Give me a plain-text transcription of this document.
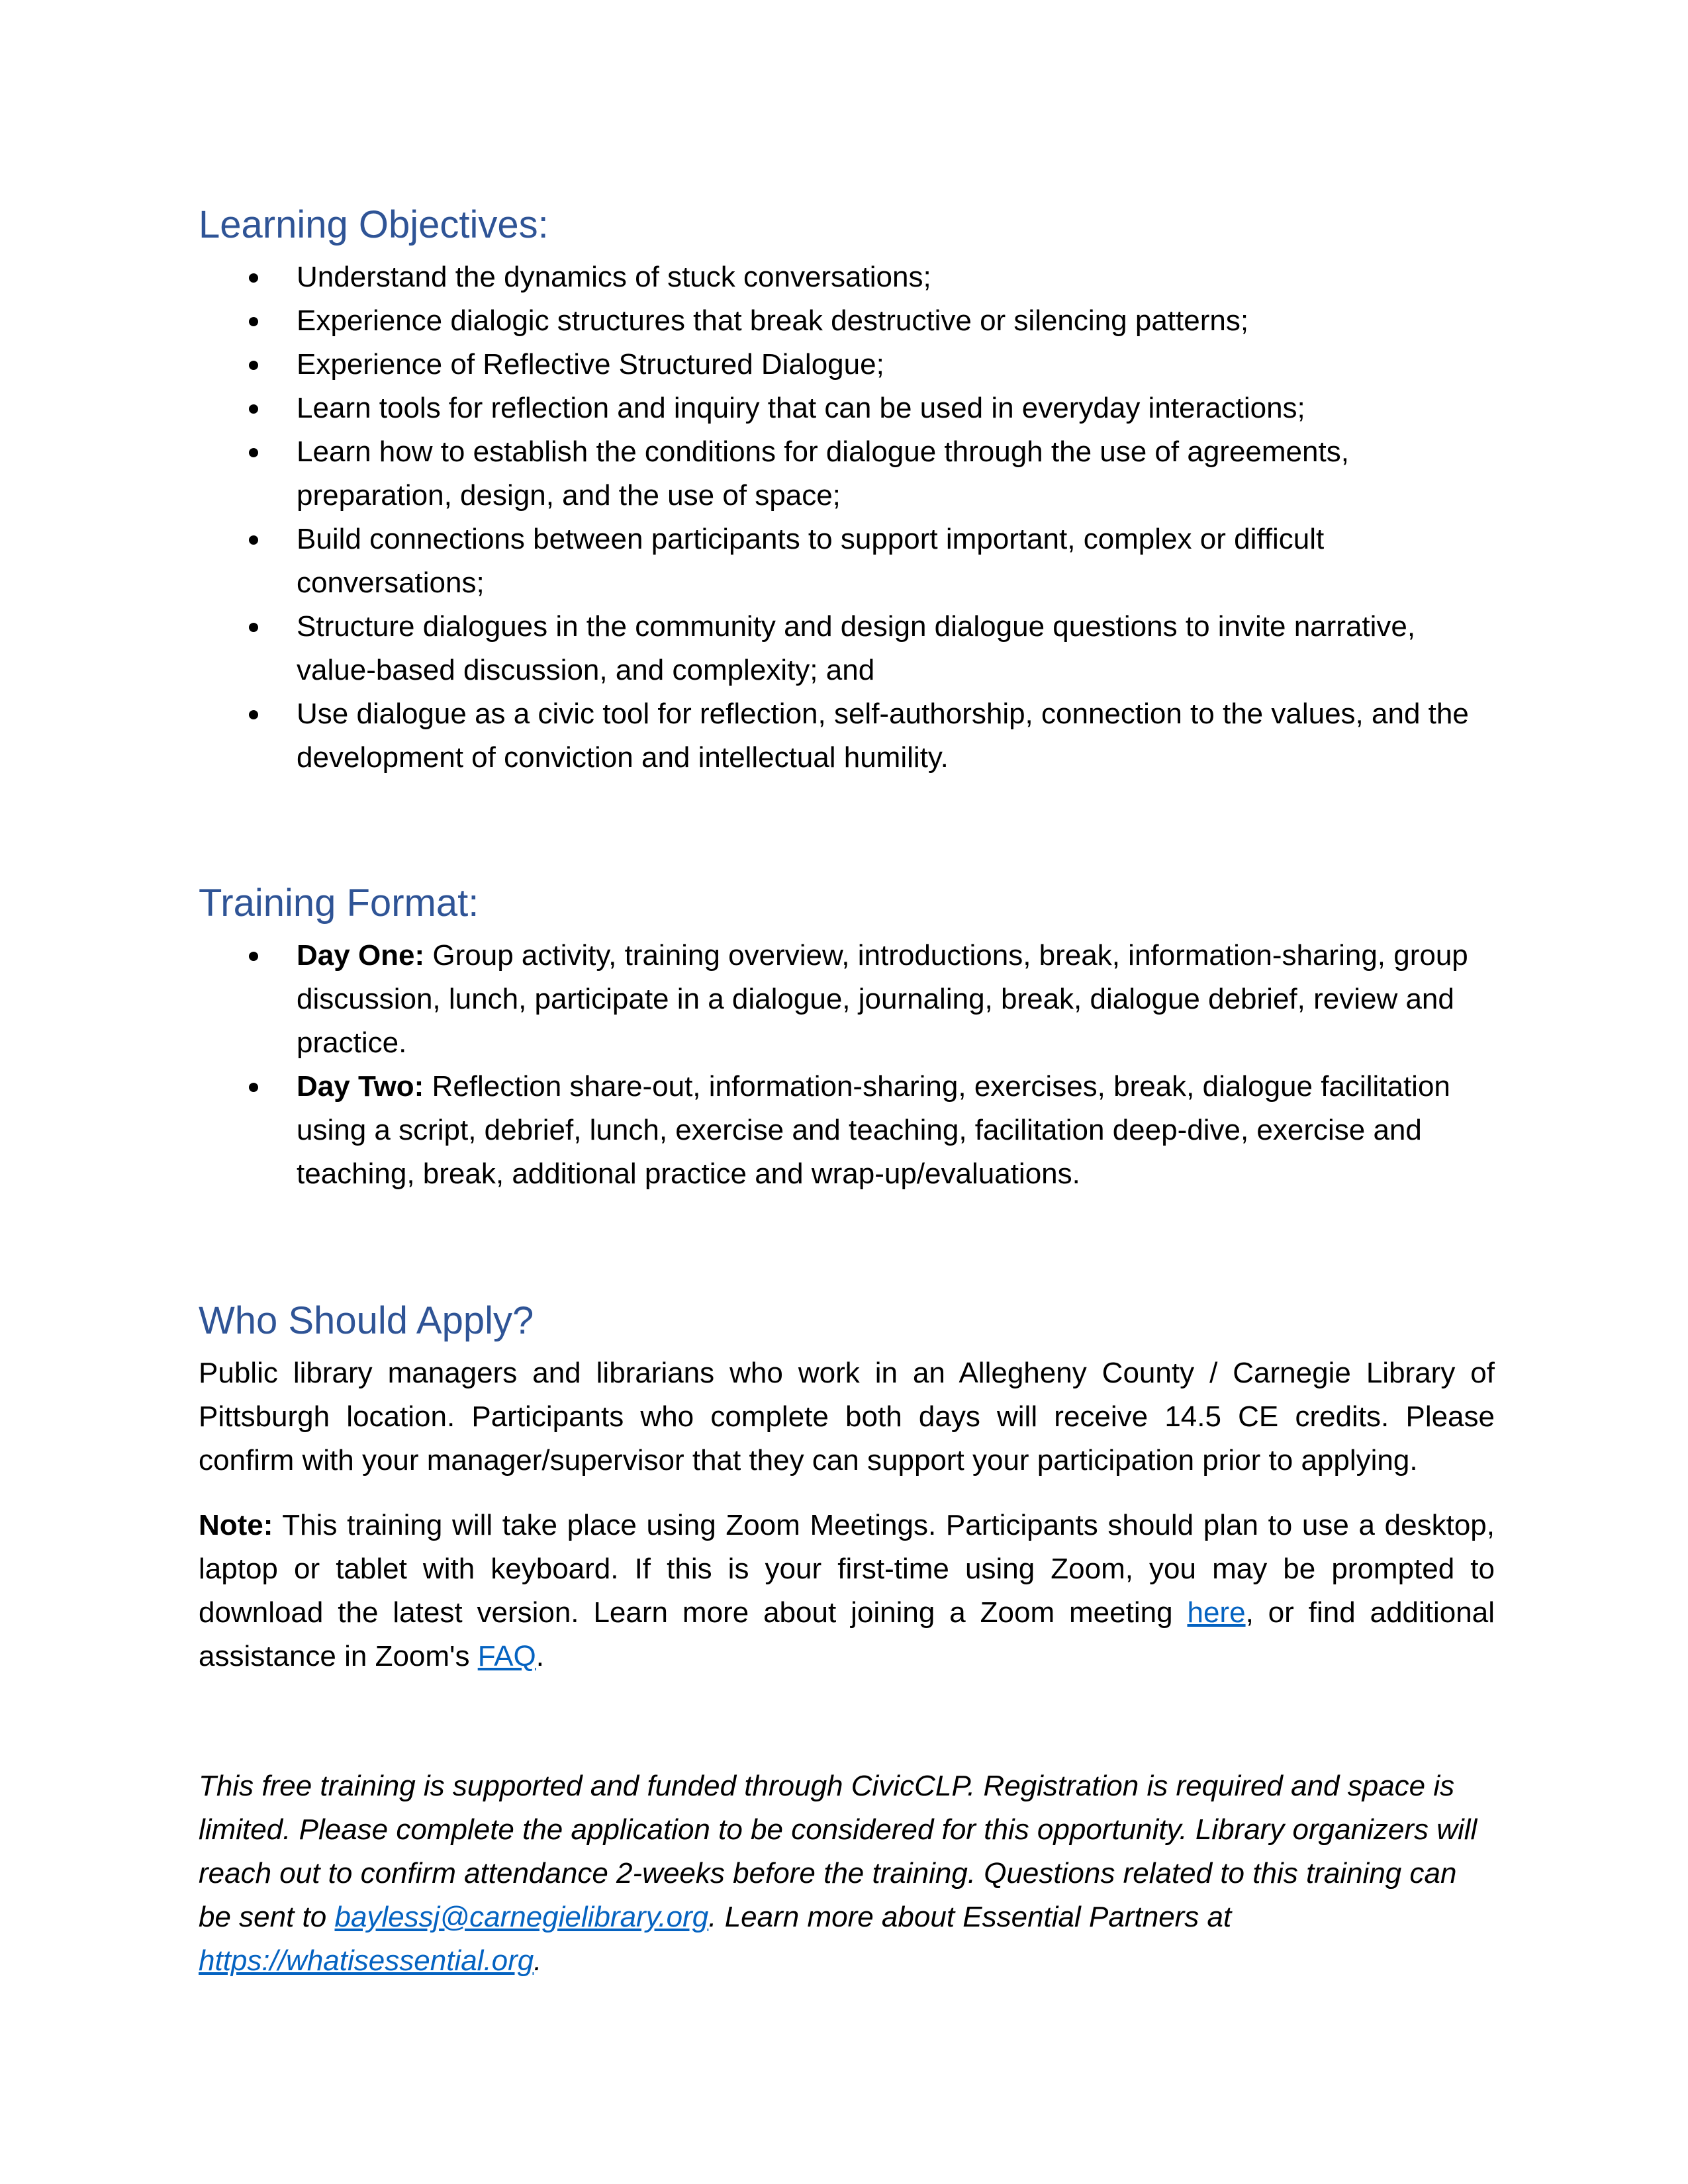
Learning Objectives:
Understand the dynamics of stuck conversations;
Experience dialogic structures that break destructive or silencing patterns;
Experience of Reflective Structured Dialogue;
Learn tools for reflection and inquiry that can be used in everyday interactions;
Learn how to establish the conditions for dialogue through the use of agreements, preparation, design, and the use of space;
Build connections between participants to support important, complex or difficult conversations;
Structure dialogues in the community and design dialogue questions to invite narrative, value-based discussion, and complexity; and
Use dialogue as a civic tool for reflection, self-authorship, connection to the values, and the development of conviction and intellectual humility.
Training Format:
Day One: Group activity, training overview, introductions, break, information-sharing, group discussion, lunch, participate in a dialogue, journaling, break, dialogue debrief, review and practice.
Day Two: Reflection share-out, information-sharing, exercises, break, dialogue facilitation using a script, debrief, lunch, exercise and teaching, facilitation deep-dive, exercise and teaching, break, additional practice and wrap-up/evaluations.
Who Should Apply?

Public library managers and librarians who work in an Allegheny County / Carnegie Library of Pittsburgh location. Participants who complete both days will receive 14.5 CE credits. Please confirm with your manager/supervisor that they can support your participation prior to applying.

Note: This training will take place using Zoom Meetings. Participants should plan to use a desktop, laptop or tablet with keyboard. If this is your first-time using Zoom, you may be prompted to download the latest version. Learn more about joining a Zoom meeting here, or find additional assistance in Zoom's FAQ.

This free training is supported and funded through CivicCLP. Registration is required and space is limited. Please complete the application to be considered for this opportunity. Library organizers will reach out to confirm attendance 2-weeks before the training. Questions related to this training can be sent to baylessj@carnegielibrary.org. Learn more about Essential Partners at https://whatisessential.org.
